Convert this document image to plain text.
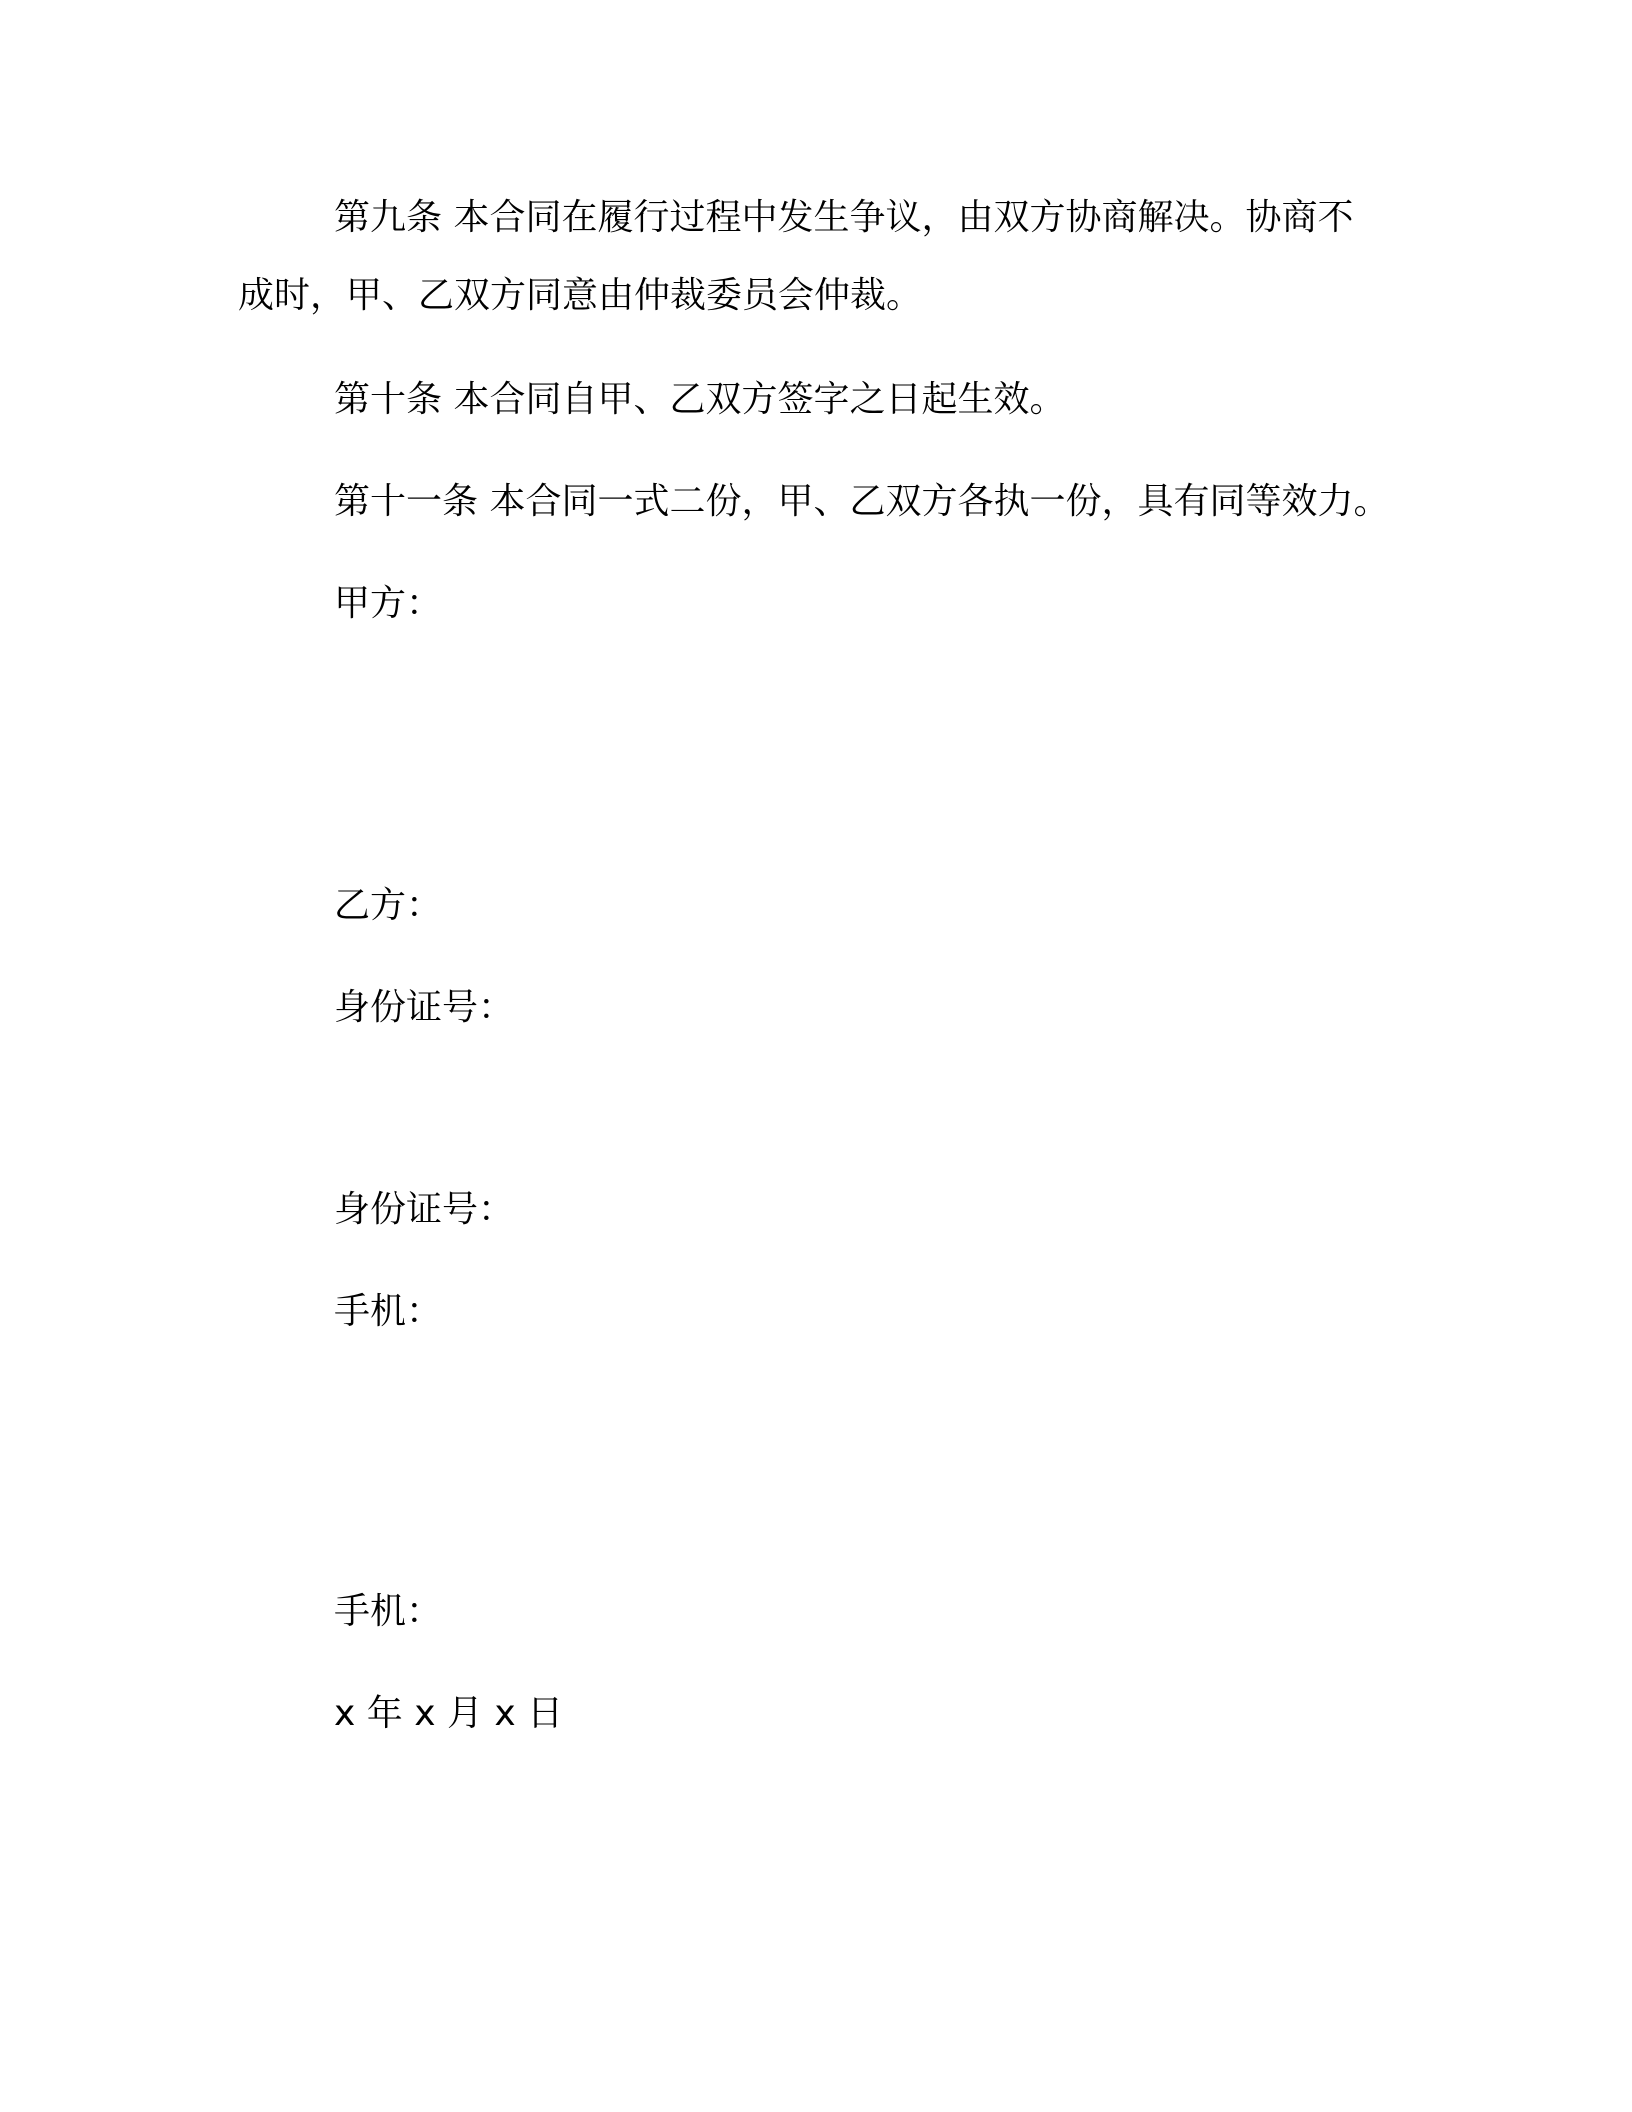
第九条 本合同在履行过程中发生争议，由双方协商解决。协商不
成时，甲、乙双方同意由仲裁委员会仲裁。
第十条 本合同自甲、乙双方签字之日起生效。
第十一条 本合同一式二份，甲、乙双方各执一份，具有同等效力。
甲方：
乙方：
身份证号：
身份证号：
手机：
手机：
x 年 x 月 x 日
